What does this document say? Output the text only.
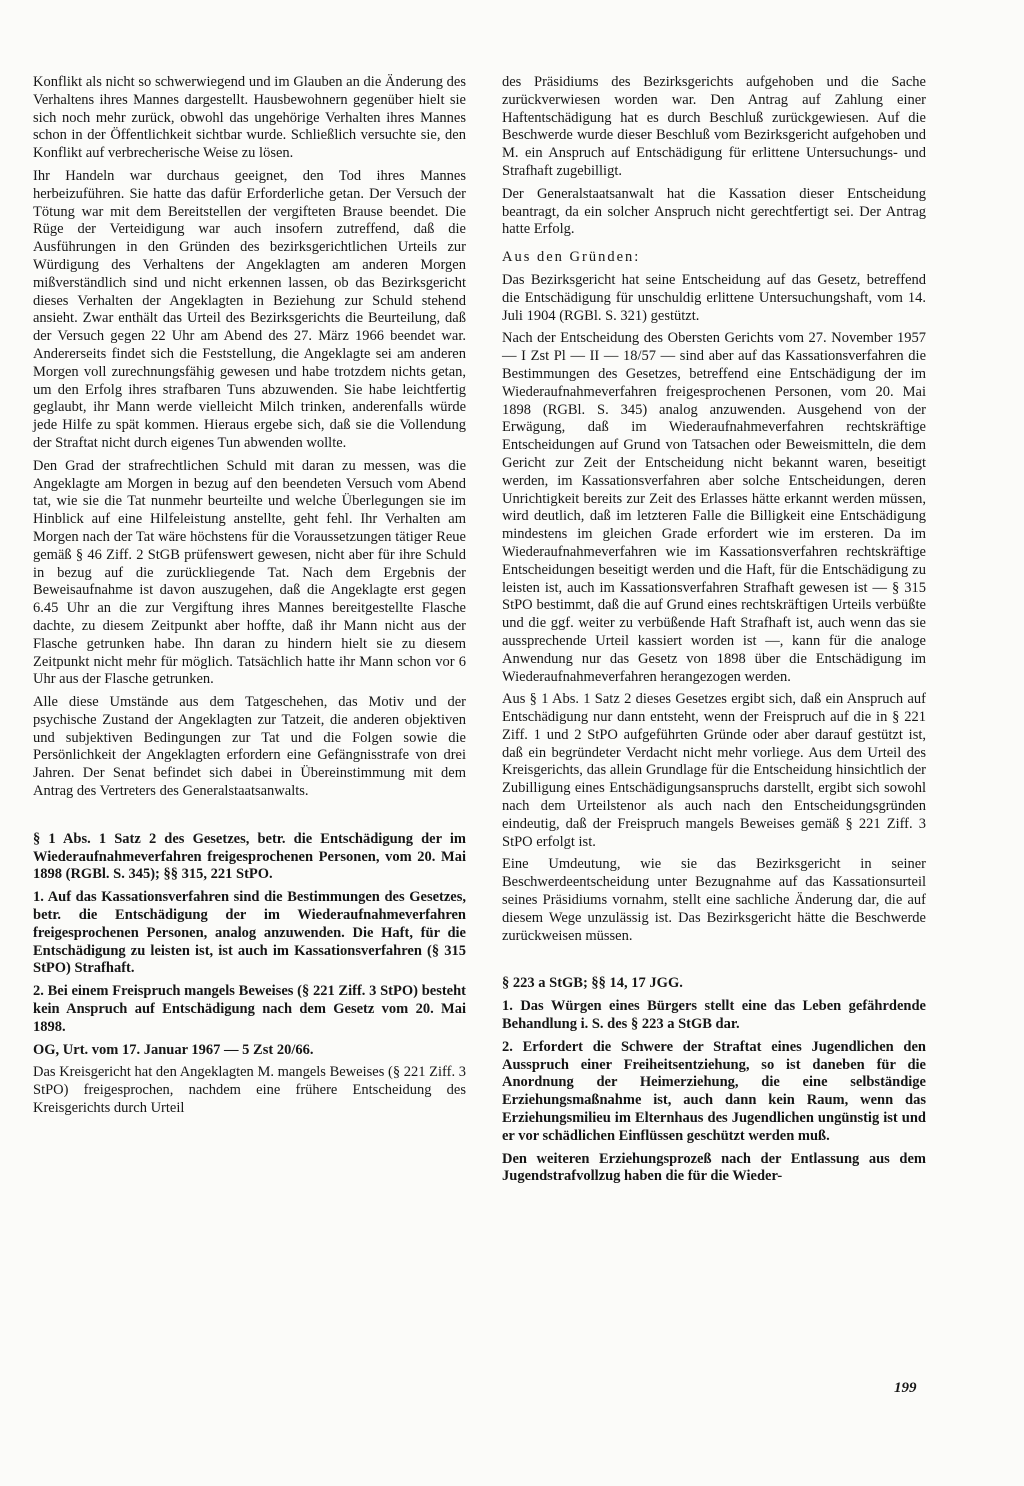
Konflikt als nicht so schwerwiegend und im Glauben an die Änderung des Verhaltens ihres Mannes dargestellt. Hausbewohnern gegenüber hielt sie sich noch mehr zurück, obwohl das ungehörige Verhalten ihres Mannes schon in der Öffentlichkeit sichtbar wurde. Schließlich versuchte sie, den Konflikt auf verbrecherische Weise zu lösen.

Ihr Handeln war durchaus geeignet, den Tod ihres Mannes herbeizuführen. Sie hatte das dafür Erforderliche getan. Der Versuch der Tötung war mit dem Bereitstellen der vergifteten Brause beendet. Die Rüge der Verteidigung war auch insofern zutreffend, daß die Ausführungen in den Gründen des bezirksgerichtlichen Urteils zur Würdigung des Verhaltens der Angeklagten am anderen Morgen mißverständlich sind und nicht erkennen lassen, ob das Bezirksgericht dieses Verhalten der Angeklagten in Beziehung zur Schuld stehend ansieht. Zwar enthält das Urteil des Bezirksgerichts die Beurteilung, daß der Versuch gegen 22 Uhr am Abend des 27. März 1966 beendet war. Andererseits findet sich die Feststellung, die Angeklagte sei am anderen Morgen voll zurechnungsfähig gewesen und habe trotzdem nichts getan, um den Erfolg ihres strafbaren Tuns abzuwenden. Sie habe leichtfertig geglaubt, ihr Mann werde vielleicht Milch trinken, anderenfalls würde jede Hilfe zu spät kommen. Hieraus ergebe sich, daß sie die Vollendung der Straftat nicht durch eigenes Tun abwenden wollte.

Den Grad der strafrechtlichen Schuld mit daran zu messen, was die Angeklagte am Morgen in bezug auf den beendeten Versuch vom Abend tat, wie sie die Tat nunmehr beurteilte und welche Überlegungen sie im Hinblick auf eine Hilfeleistung anstellte, geht fehl. Ihr Verhalten am Morgen nach der Tat wäre höchstens für die Voraussetzungen tätiger Reue gemäß § 46 Ziff. 2 StGB prüfenswert gewesen, nicht aber für ihre Schuld in bezug auf die zurückliegende Tat. Nach dem Ergebnis der Beweisaufnahme ist davon auszugehen, daß die Angeklagte erst gegen 6.45 Uhr an die zur Vergiftung ihres Mannes bereitgestellte Flasche dachte, zu diesem Zeitpunkt aber hoffte, daß ihr Mann nicht aus der Flasche getrunken habe. Ihn daran zu hindern hielt sie zu diesem Zeitpunkt nicht mehr für möglich. Tatsächlich hatte ihr Mann schon vor 6 Uhr aus der Flasche getrunken.

Alle diese Umstände aus dem Tatgeschehen, das Motiv und der psychische Zustand der Angeklagten zur Tatzeit, die anderen objektiven und subjektiven Bedingungen zur Tat und die Folgen sowie die Persönlichkeit der Angeklagten erfordern eine Gefängnisstrafe von drei Jahren. Der Senat befindet sich dabei in Übereinstimmung mit dem Antrag des Vertreters des Generalstaatsanwalts.

§ 1 Abs. 1 Satz 2 des Gesetzes, betr. die Entschädigung der im Wiederaufnahmeverfahren freigesprochenen Personen, vom 20. Mai 1898 (RGBl. S. 345); §§ 315, 221 StPO.

1. Auf das Kassationsverfahren sind die Bestimmungen des Gesetzes, betr. die Entschädigung der im Wiederaufnahmeverfahren freigesprochenen Personen, analog anzuwenden. Die Haft, für die Entschädigung zu leisten ist, ist auch im Kassationsverfahren (§ 315 StPO) Strafhaft.

2. Bei einem Freispruch mangels Beweises (§ 221 Ziff. 3 StPO) besteht kein Anspruch auf Entschädigung nach dem Gesetz vom 20. Mai 1898.

OG, Urt. vom 17. Januar 1967 — 5 Zst 20/66.

Das Kreisgericht hat den Angeklagten M. mangels Beweises (§ 221 Ziff. 3 StPO) freigesprochen, nachdem eine frühere Entscheidung des Kreisgerichts durch Urteil

des Präsidiums des Bezirksgerichts aufgehoben und die Sache zurückverwiesen worden war. Den Antrag auf Zahlung einer Haftentschädigung hat es durch Beschluß zurückgewiesen. Auf die Beschwerde wurde dieser Beschluß vom Bezirksgericht aufgehoben und M. ein Anspruch auf Entschädigung für erlittene Untersuchungs- und Strafhaft zugebilligt.

Der Generalstaatsanwalt hat die Kassation dieser Entscheidung beantragt, da ein solcher Anspruch nicht gerechtfertigt sei. Der Antrag hatte Erfolg.

Aus den Gründen:

Das Bezirksgericht hat seine Entscheidung auf das Gesetz, betreffend die Entschädigung für unschuldig erlittene Untersuchungshaft, vom 14. Juli 1904 (RGBl. S. 321) gestützt.

Nach der Entscheidung des Obersten Gerichts vom 27. November 1957 — I Zst Pl — II — 18/57 — sind aber auf das Kassationsverfahren die Bestimmungen des Gesetzes, betreffend eine Entschädigung der im Wiederaufnahmeverfahren freigesprochenen Personen, vom 20. Mai 1898 (RGBl. S. 345) analog anzuwenden. Ausgehend von der Erwägung, daß im Wiederaufnahmeverfahren rechtskräftige Entscheidungen auf Grund von Tatsachen oder Beweismitteln, die dem Gericht zur Zeit der Entscheidung nicht bekannt waren, beseitigt werden, im Kassationsverfahren aber solche Entscheidungen, deren Unrichtigkeit bereits zur Zeit des Erlasses hätte erkannt werden müssen, wird deutlich, daß im letzteren Falle die Billigkeit eine Entschädigung mindestens im gleichen Grade erfordert wie im ersteren. Da im Wiederaufnahmeverfahren wie im Kassationsverfahren rechtskräftige Entscheidungen beseitigt werden und die Haft, für die Entschädigung zu leisten ist, auch im Kassationsverfahren Strafhaft gewesen ist — § 315 StPO bestimmt, daß die auf Grund eines rechtskräftigen Urteils verbüßte und die ggf. weiter zu verbüßende Haft Strafhaft ist, auch wenn das sie aussprechende Urteil kassiert worden ist —, kann für die analoge Anwendung nur das Gesetz von 1898 über die Entschädigung im Wiederaufnahmeverfahren herangezogen werden.

Aus § 1 Abs. 1 Satz 2 dieses Gesetzes ergibt sich, daß ein Anspruch auf Entschädigung nur dann entsteht, wenn der Freispruch auf die in § 221 Ziff. 1 und 2 StPO aufgeführten Gründe oder aber darauf gestützt ist, daß ein begründeter Verdacht nicht mehr vorliege. Aus dem Urteil des Kreisgerichts, das allein Grundlage für die Entscheidung hinsichtlich der Zubilligung eines Entschädigungsanspruchs darstellt, ergibt sich sowohl nach dem Urteilstenor als auch nach den Entscheidungsgründen eindeutig, daß der Freispruch mangels Beweises gemäß § 221 Ziff. 3 StPO erfolgt ist.

Eine Umdeutung, wie sie das Bezirksgericht in seiner Beschwerdeentscheidung unter Bezugnahme auf das Kassationsurteil seines Präsidiums vornahm, stellt eine sachliche Änderung dar, die auf diesem Wege unzulässig ist. Das Bezirksgericht hätte die Beschwerde zurückweisen müssen.

§ 223 a StGB; §§ 14, 17 JGG.

1. Das Würgen eines Bürgers stellt eine das Leben gefährdende Behandlung i. S. des § 223 a StGB dar.

2. Erfordert die Schwere der Straftat eines Jugendlichen den Ausspruch einer Freiheitsentziehung, so ist daneben für die Anordnung der Heimerziehung, die eine selbständige Erziehungsmaßnahme ist, auch dann kein Raum, wenn das Erziehungsmilieu im Elternhaus des Jugendlichen ungünstig ist und er vor schädlichen Einflüssen geschützt werden muß.

Den weiteren Erziehungsprozeß nach der Entlassung aus dem Jugendstrafvollzug haben die für die Wieder-

199
